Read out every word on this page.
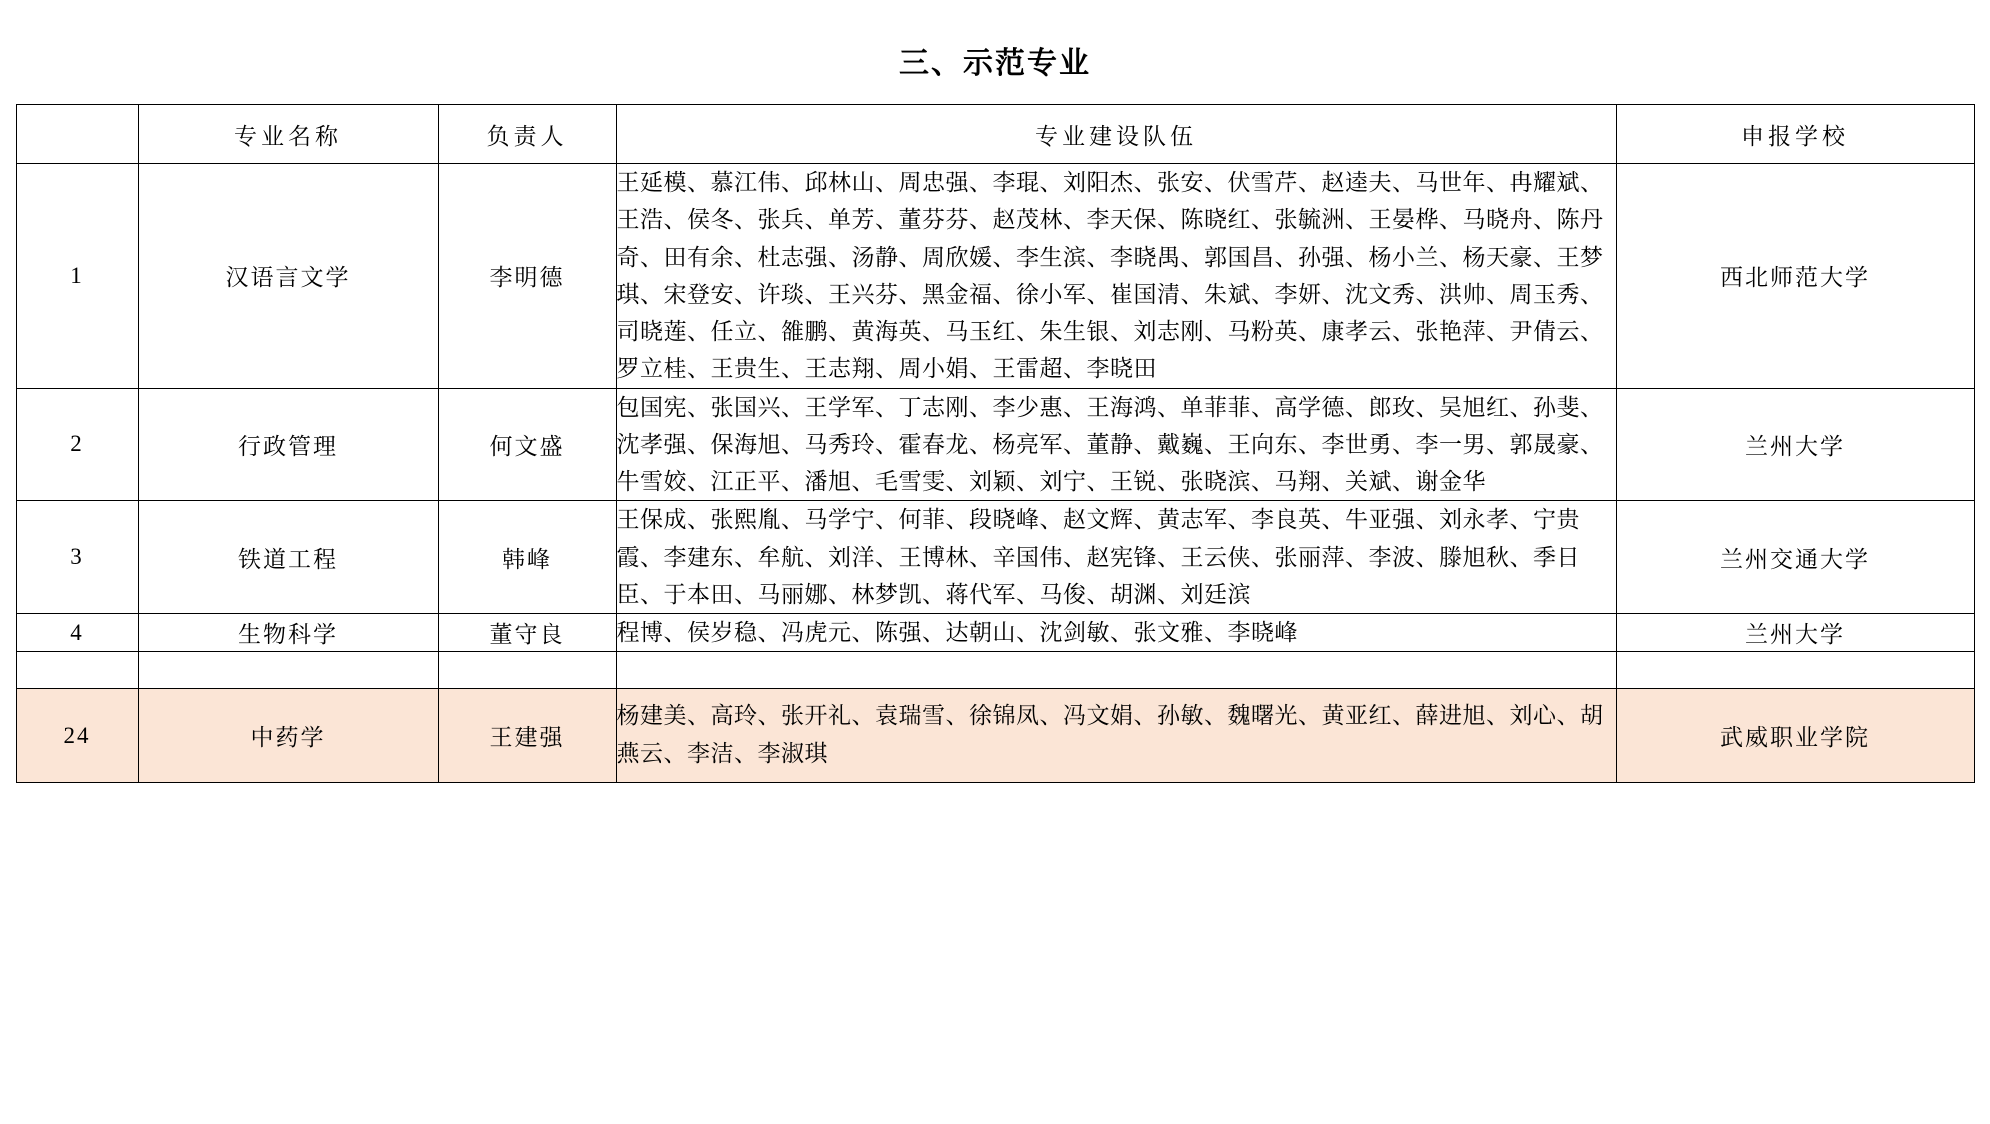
三、示范专业
	专业名称	负责人	专业建设队伍	申报学校
1	汉语言文学	李明德	王延模、慕江伟、邱林山、周忠强、李琨、刘阳杰、张安、伏雪芹、赵逵夫、马世年、冉耀斌、王浩、侯冬、张兵、单芳、董芬芬、赵茂林、李天保、陈晓红、张毓洲、王晏桦、马晓舟、陈丹奇、田有余、杜志强、汤静、周欣媛、李生滨、李晓禺、郭国昌、孙强、杨小兰、杨天豪、王梦琪、宋登安、许琰、王兴芬、黑金福、徐小军、崔国清、朱斌、李妍、沈文秀、洪帅、周玉秀、司晓莲、任立、雒鹏、黄海英、马玉红、朱生银、刘志刚、马粉英、康孝云、张艳萍、尹倩云、罗立桂、王贵生、王志翔、周小娟、王雷超、李晓田	西北师范大学
2	行政管理	何文盛	包国宪、张国兴、王学军、丁志刚、李少惠、王海鸿、单菲菲、高学德、郎玫、吴旭红、孙斐、沈孝强、保海旭、马秀玲、霍春龙、杨亮军、董静、戴巍、王向东、李世勇、李一男、郭晟豪、牛雪姣、江正平、潘旭、毛雪雯、刘颖、刘宁、王锐、张晓滨、马翔、关斌、谢金华	兰州大学
3	铁道工程	韩峰	王保成、张熙胤、马学宁、何菲、段晓峰、赵文辉、黄志军、李良英、牛亚强、刘永孝、宁贵霞、李建东、牟航、刘洋、王博林、辛国伟、赵宪锋、王云侠、张丽萍、李波、滕旭秋、季日臣、于本田、马丽娜、林梦凯、蒋代军、马俊、胡渊、刘廷滨	兰州交通大学
4	生物科学	董守良	程博、侯岁稳、冯虎元、陈强、达朝山、沈剑敏、张文雅、李晓峰	兰州大学

24	中药学	王建强	杨建美、高玲、张开礼、袁瑞雪、徐锦凤、冯文娟、孙敏、魏曙光、黄亚红、薛进旭、刘心、胡燕云、李洁、李淑琪	武威职业学院
